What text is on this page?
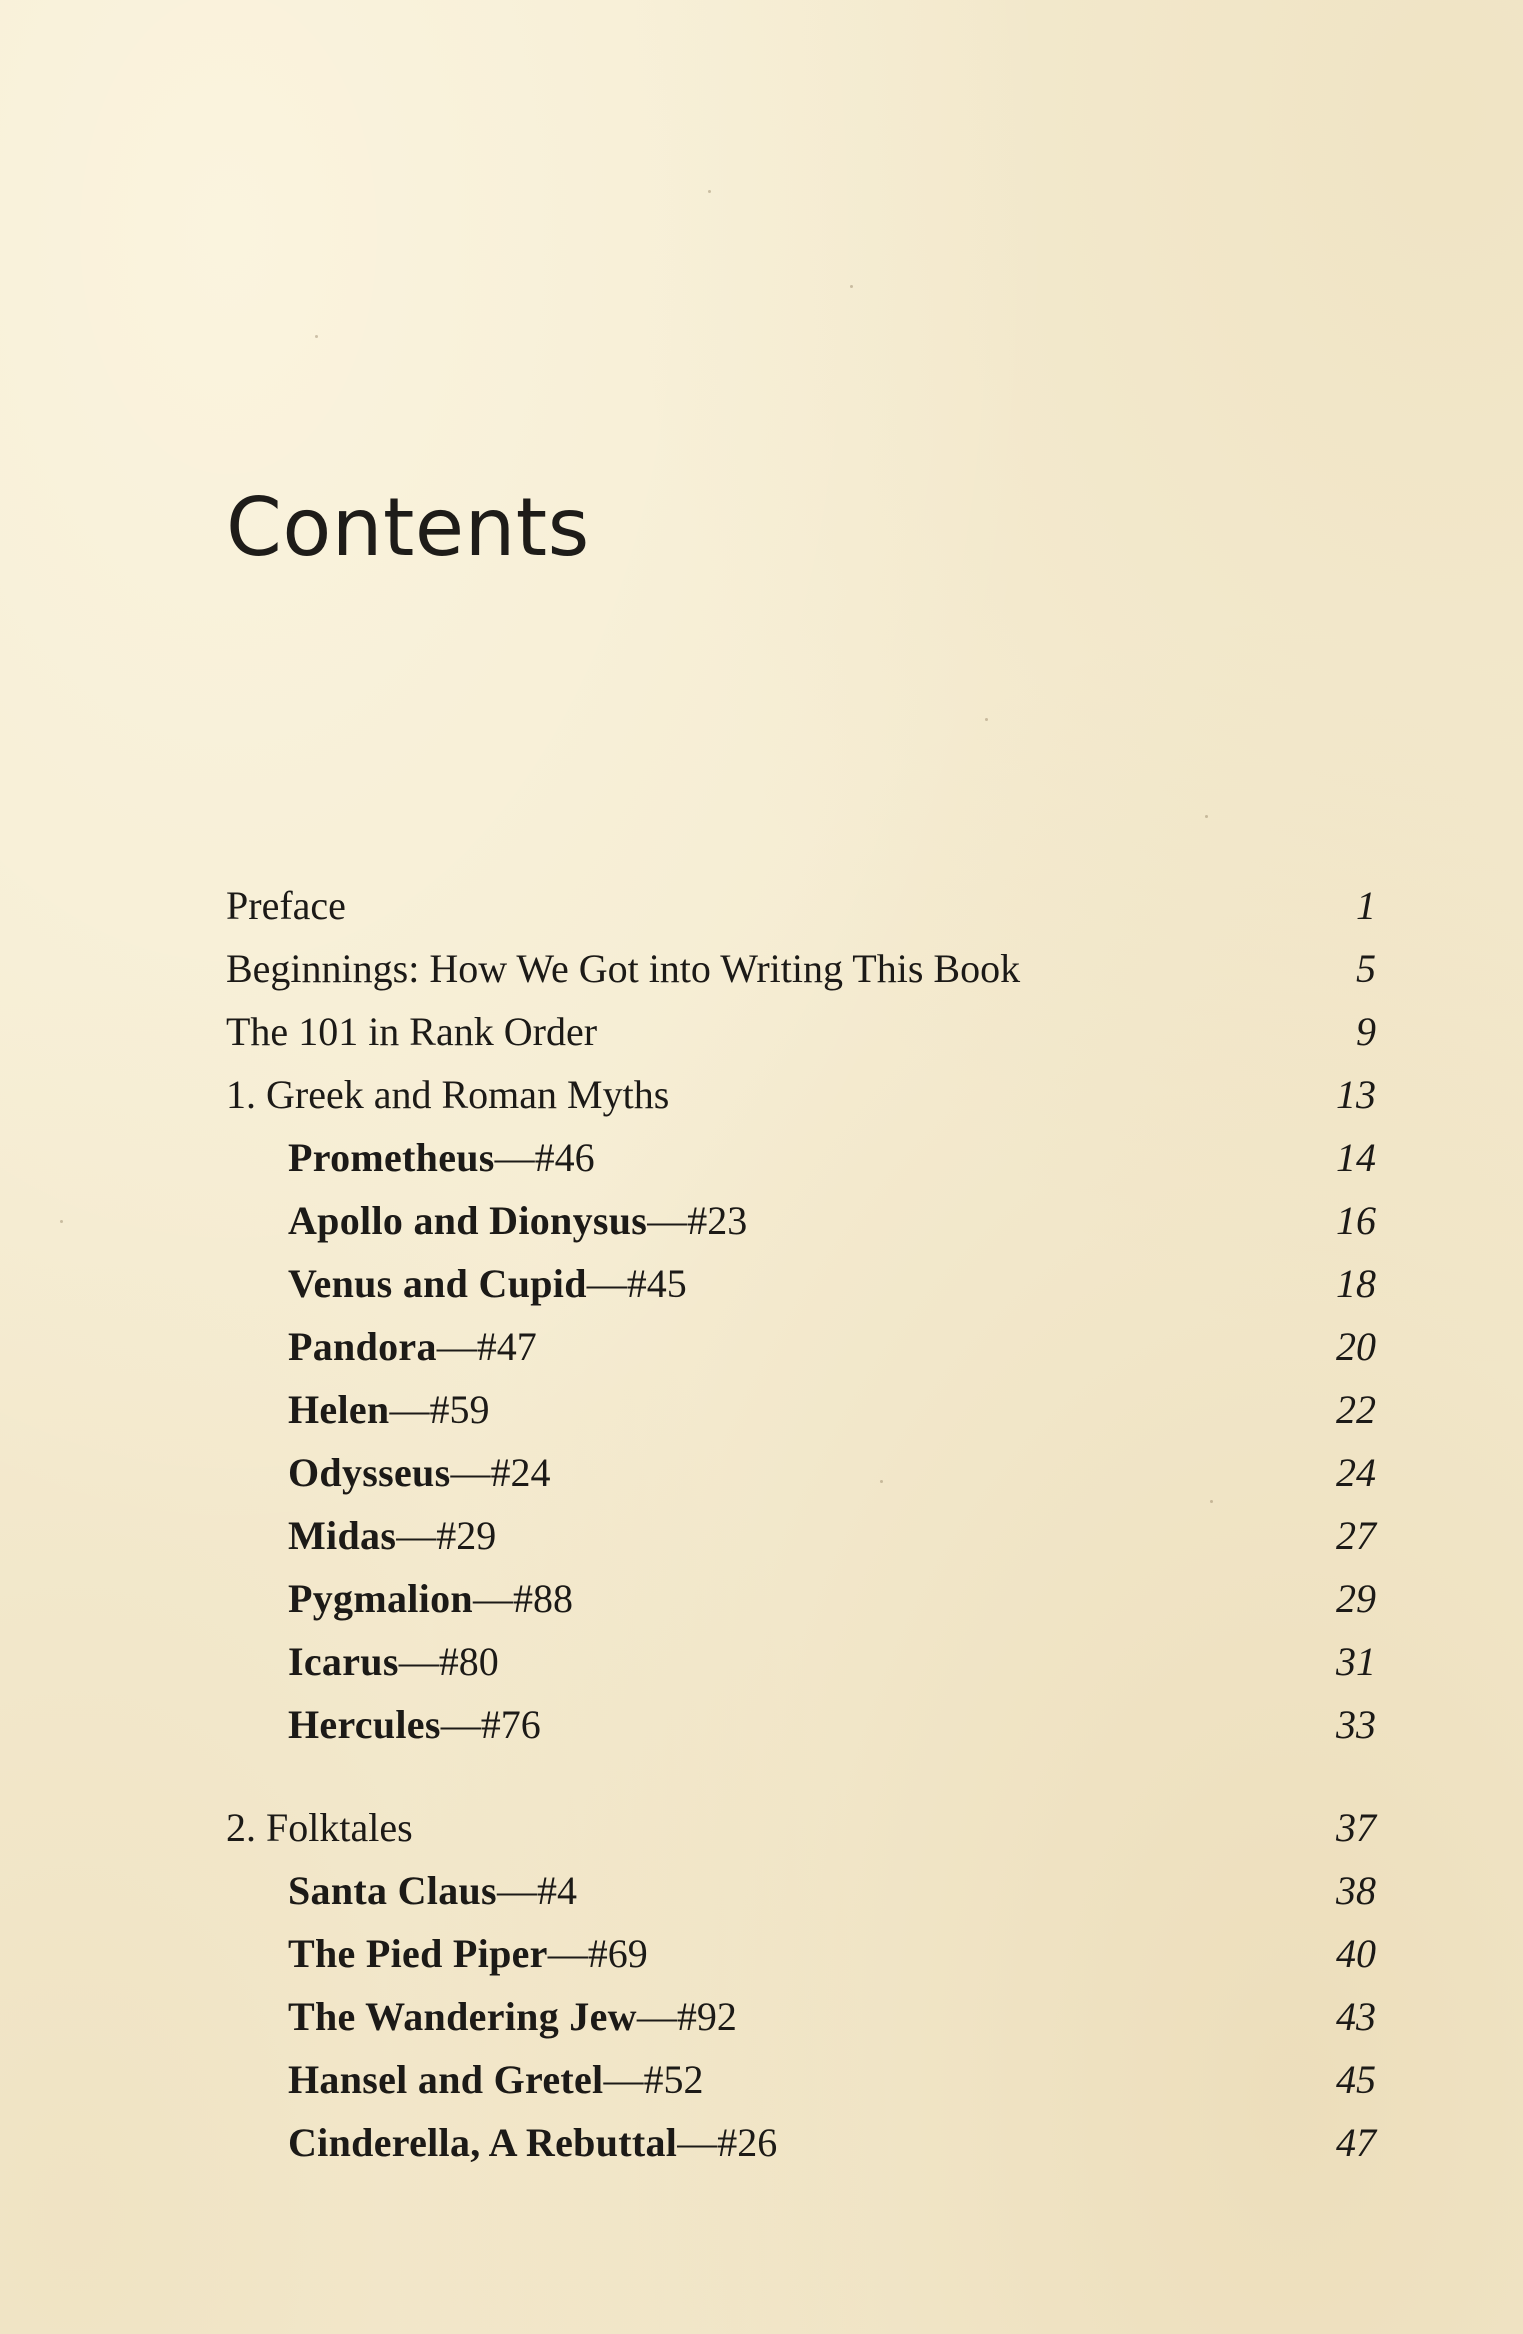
Contents
Preface	1
Beginnings: How We Got into Writing This Book	5
The 101 in Rank Order	9
1. Greek and Roman Myths	13
Prometheus—#46	14
Apollo and Dionysus—#23	16
Venus and Cupid—#45	18
Pandora—#47	20
Helen—#59	22
Odysseus—#24	24
Midas—#29	27
Pygmalion—#88	29
Icarus—#80	31
Hercules—#76	33
2. Folktales	37
Santa Claus—#4	38
The Pied Piper—#69	40
The Wandering Jew—#92	43
Hansel and Gretel—#52	45
Cinderella, A Rebuttal—#26	47
